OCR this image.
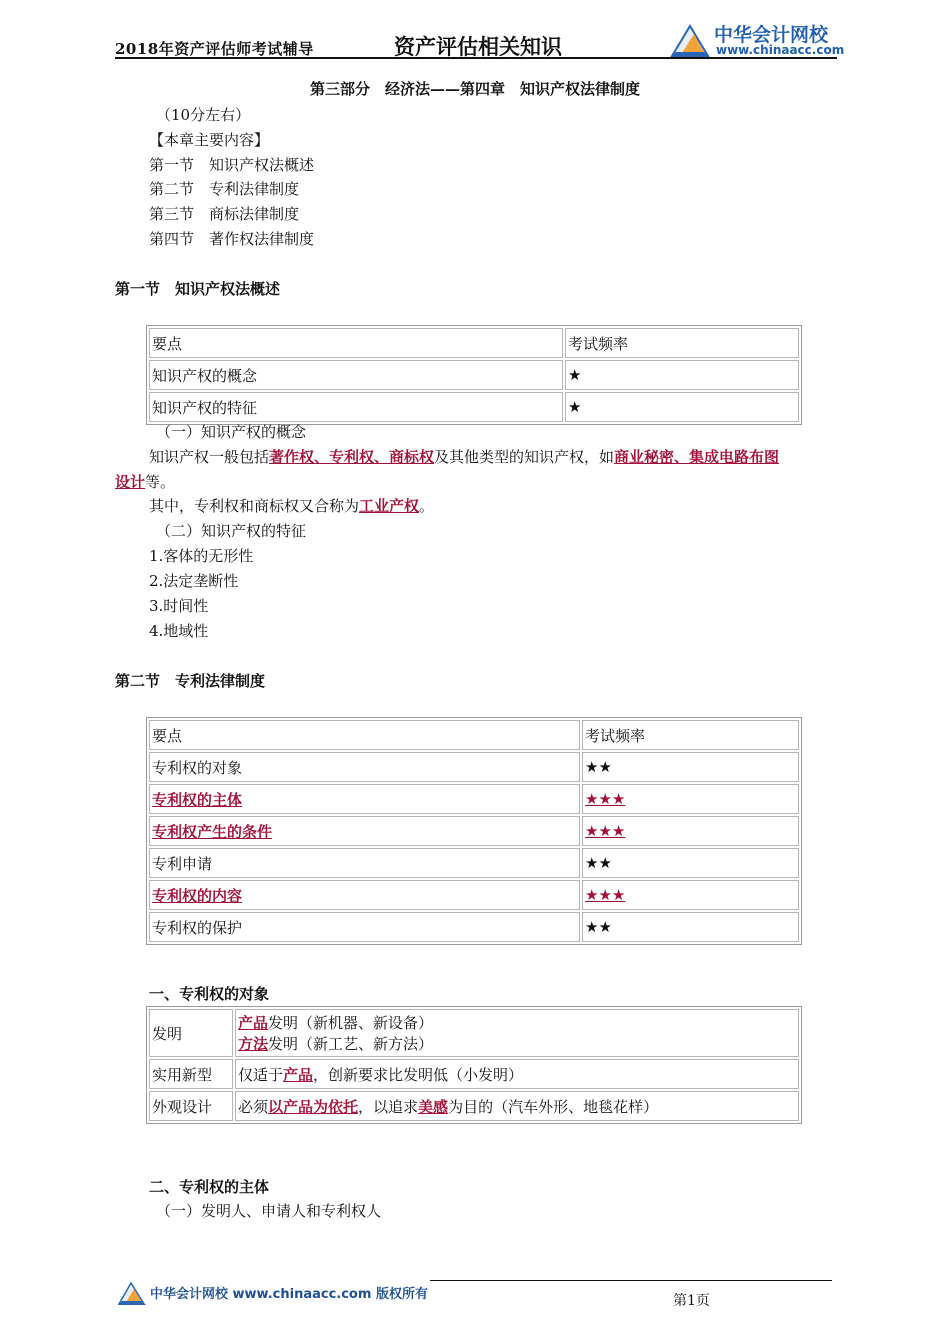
2018年资产评估师考试辅导	资产评估相关知识	中华会计网校
www.chinaacc.com
第三部分　经济法——第四章　知识产权法律制度
（10分左右）
【本章主要内容】
第一节　知识产权法概述
第二节　专利法律制度
第三节　商标法律制度
第四节　著作权法律制度
第一节　知识产权法概述
要点	考试频率
知识产权的概念	★
知识产权的特征	★
（一）知识产权的概念
知识产权一般包括著作权、专利权、商标权及其他类型的知识产权，如商业秘密、集成电路布图
设计等。
其中，专利权和商标权又合称为工业产权。
（二）知识产权的特征
1.客体的无形性
2.法定垄断性
3.时间性
4.地域性
第二节　专利法律制度
要点	考试频率
专利权的对象	★★
专利权的主体	★★★
专利权产生的条件	★★★
专利申请	★★
专利权的内容	★★★
专利权的保护	★★
一、专利权的对象
发明	产品发明（新机器、新设备）
方法发明（新工艺、新方法）

实用新型	仅适于产品，创新要求比发明低（小发明）
外观设计	必须以产品为依托，以追求美感为目的（汽车外形、地毯花样）
二、专利权的主体
（一）发明人、申请人和专利权人
中华会计网校 www.chinaacc.com 版权所有	第1页
